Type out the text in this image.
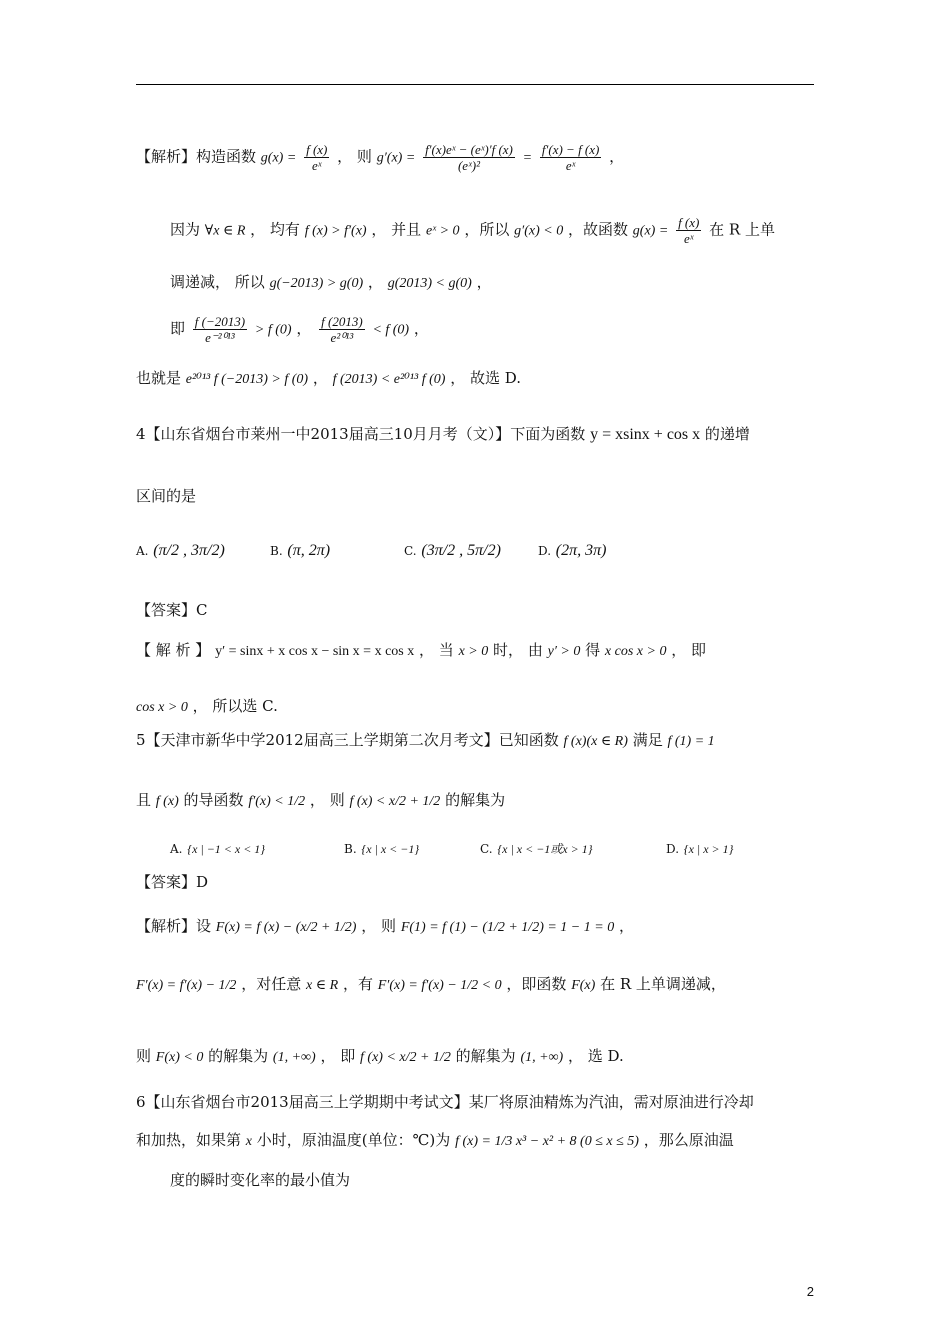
【解析】构造函数 $g(x) = \frac{f (x)}{\text{eˣ}}$ ， 则 $g'(x) = \frac{\text{f′(x)eˣ − (eˣ)′f (x)}}{\text{(eˣ)²}} = \frac{f'(x) - f (x)}{\text{eˣ}}$ ，
因为 ∀x ∈ R ， 均有 f (x) > f′(x) ， 并且 eˣ > 0 ，所以 g′(x) < 0 ，故函数 $g(x) = \frac{f (x)}{\text{eˣ}}$ 在 R 上单
调递减， 所以 g(−2013) > g(0) ， g(2013) < g(0) ，
即 $\frac{f (-2013)}{\text{e⁻²⁰¹³}} > f$ (0) ， $\frac{f (2013)}{\text{e²⁰¹³}} < f$ (0) ，
也就是 e²⁰¹³ f (−2013) > f (0) ， f (2013) < e²⁰¹³ f (0) ， 故选 D.
4【山东省烟台市莱州一中2013届高三10月月考（文）】下面为函数 y = xsinx + cos x 的递增
区间的是
A. (π/2 , 3π/2)	B. (π, 2π)	C. (3π/2 , 5π/2)	D. (2π, 3π)
【答案】C
【 解 析 】 y′ = sinx + x cos x − sin x = x cos x ， 当 x > 0 时， 由 y′ > 0 得 x cos x > 0 ， 即
cos x > 0 ， 所以选 C.
5【天津市新华中学2012届高三上学期第二次月考文】已知函数 f (x)(x ∈ R) 满足 f (1) = 1
且 f (x) 的导函数 f′(x) < 1/2 ， 则 f (x) < x/2 + 1/2 的解集为
A. {x | −1 < x < 1}	B. {x | x < −1}	C. {x | x < −1或x > 1}	D. {x | x > 1}
【答案】D
【解析】设 F(x) = f (x) − (x/2 + 1/2) ， 则 F(1) = f (1) − (1/2 + 1/2) = 1 − 1 = 0 ，
F′(x) = f′(x) − 1/2 ，对任意 x ∈ R ，有 F′(x) = f′(x) − 1/2 < 0 ，即函数 F(x) 在 R 上单调递减，
则 F(x) < 0 的解集为 (1, +∞) ， 即 f (x) < x/2 + 1/2 的解集为 (1, +∞) ， 选 D.
6【山东省烟台市2013届高三上学期期中考试文】某厂将原油精炼为汽油，需对原油进行冷却
和加热，如果第 x 小时，原油温度(单位：℃)为 f (x) = 1/3 x³ − x² + 8 (0 ≤ x ≤ 5) ，那么原油温
度的瞬时变化率的最小值为
2
